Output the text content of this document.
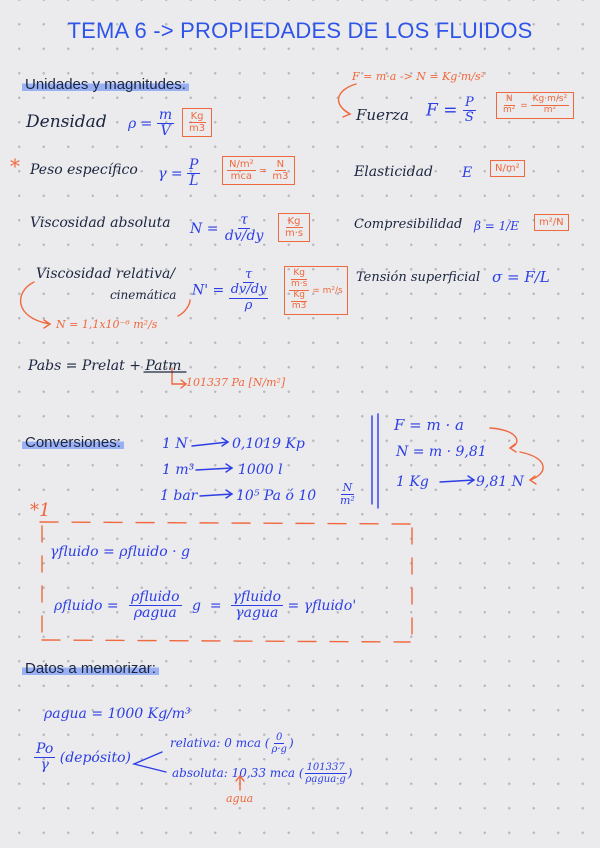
TEMA 6 -> PROPIEDADES DE LOS FLUIDOS
Unidades y magnitudes:
Conversiones:
Datos a memorizar:
Densidad $\rho = \frac{m}{V} \frac{Kg}{m3}$
* Peso específico $\gamma = \frac{P}{L}$	$\frac{\text{N/m²}}{\text{mca}} = \frac{N}{m3}$
Viscosidad absoluta $N = \frac{\tau}{dv/dy} \frac{Kg}{m\cdot s}$
Viscosidad relativa/
cinemática N' =
τ
dv/dy
ρ
Kg
m·s
Kg
m3
= m²/s
N = 1,1x10⁻⁶ m²/s
Pabs = Prelat + Patm
101337 Pa [N/m²]
F = m·a -> N = Kg·m/s²
Fuerza $F = \frac{P}{S}$	$\frac{N}{\text{m²}} = \frac{\text{Kg·m/s²}}{\text{m²}}$
Elasticidad E	N/m²
Compresibilidad β = 1/E	m²/N
Tensión superficial σ = F/L
1 N	0,1019 Kp
1 m³	1000 l
1 bar	10⁵ Pa ó $10 \frac{N}{\text{m²}}$
F = m · a
N = m · 9,81
1 Kg	9,81 N
*1
γfluido = ρfluido · g
ρfluido = $\frac{\text{ρfluido}}{\text{ρagua}}$ $g = \frac{\text{γfluido}}{\text{γagua}}$ = γfluido'
ρagua = 1000 Kg/m³
$\frac{Po}{\gamma}$ (depósito)
relativa: 0 mca ( $\frac{0}{\rho\cdot g}$ )
absoluta: 10,33 mca ( $\frac{101337}{\text{ρagua·g}}$ )
agua
